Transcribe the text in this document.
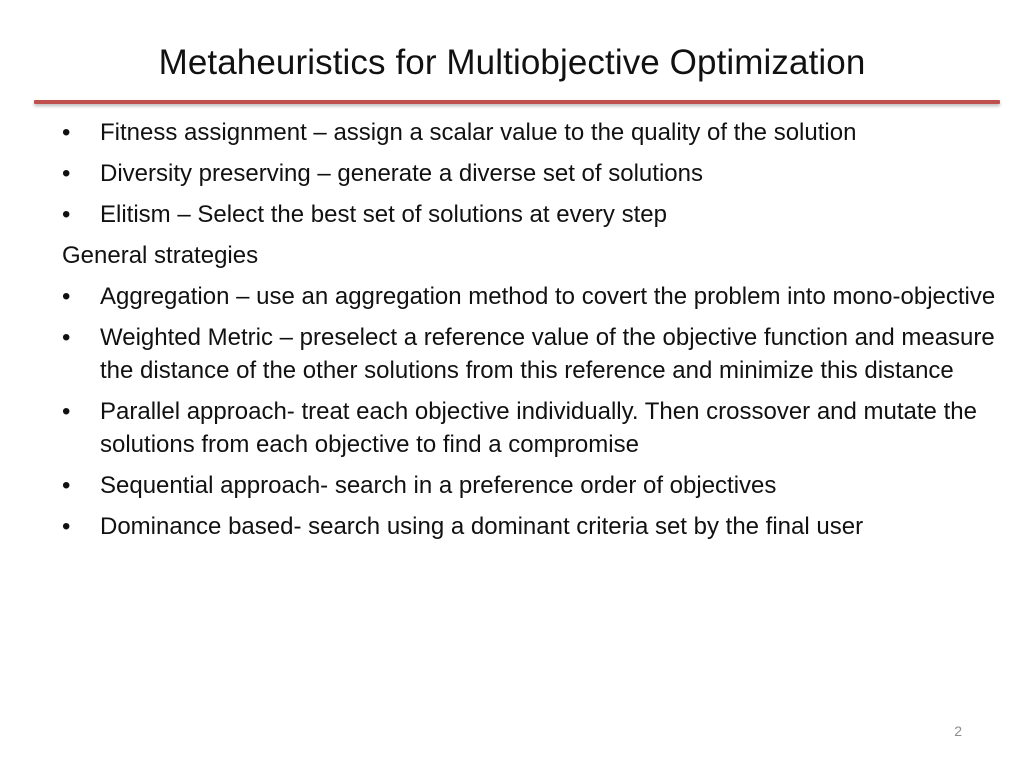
Metaheuristics for Multiobjective Optimization
•	Fitness assignment – assign a scalar value to the quality of the solution
•	Diversity preserving – generate a diverse set of solutions
•	Elitism – Select the best set of solutions at every step
General strategies
•	Aggregation – use an aggregation method to covert the problem into mono-objective
•	Weighted Metric – preselect a reference value of the objective function and measure the distance of the other solutions from this reference and minimize this distance
•	Parallel approach- treat each objective individually. Then crossover and mutate the solutions from each objective to find a compromise
•	Sequential approach- search in a preference order of objectives
•	Dominance based- search using a dominant criteria set by the final user
2
